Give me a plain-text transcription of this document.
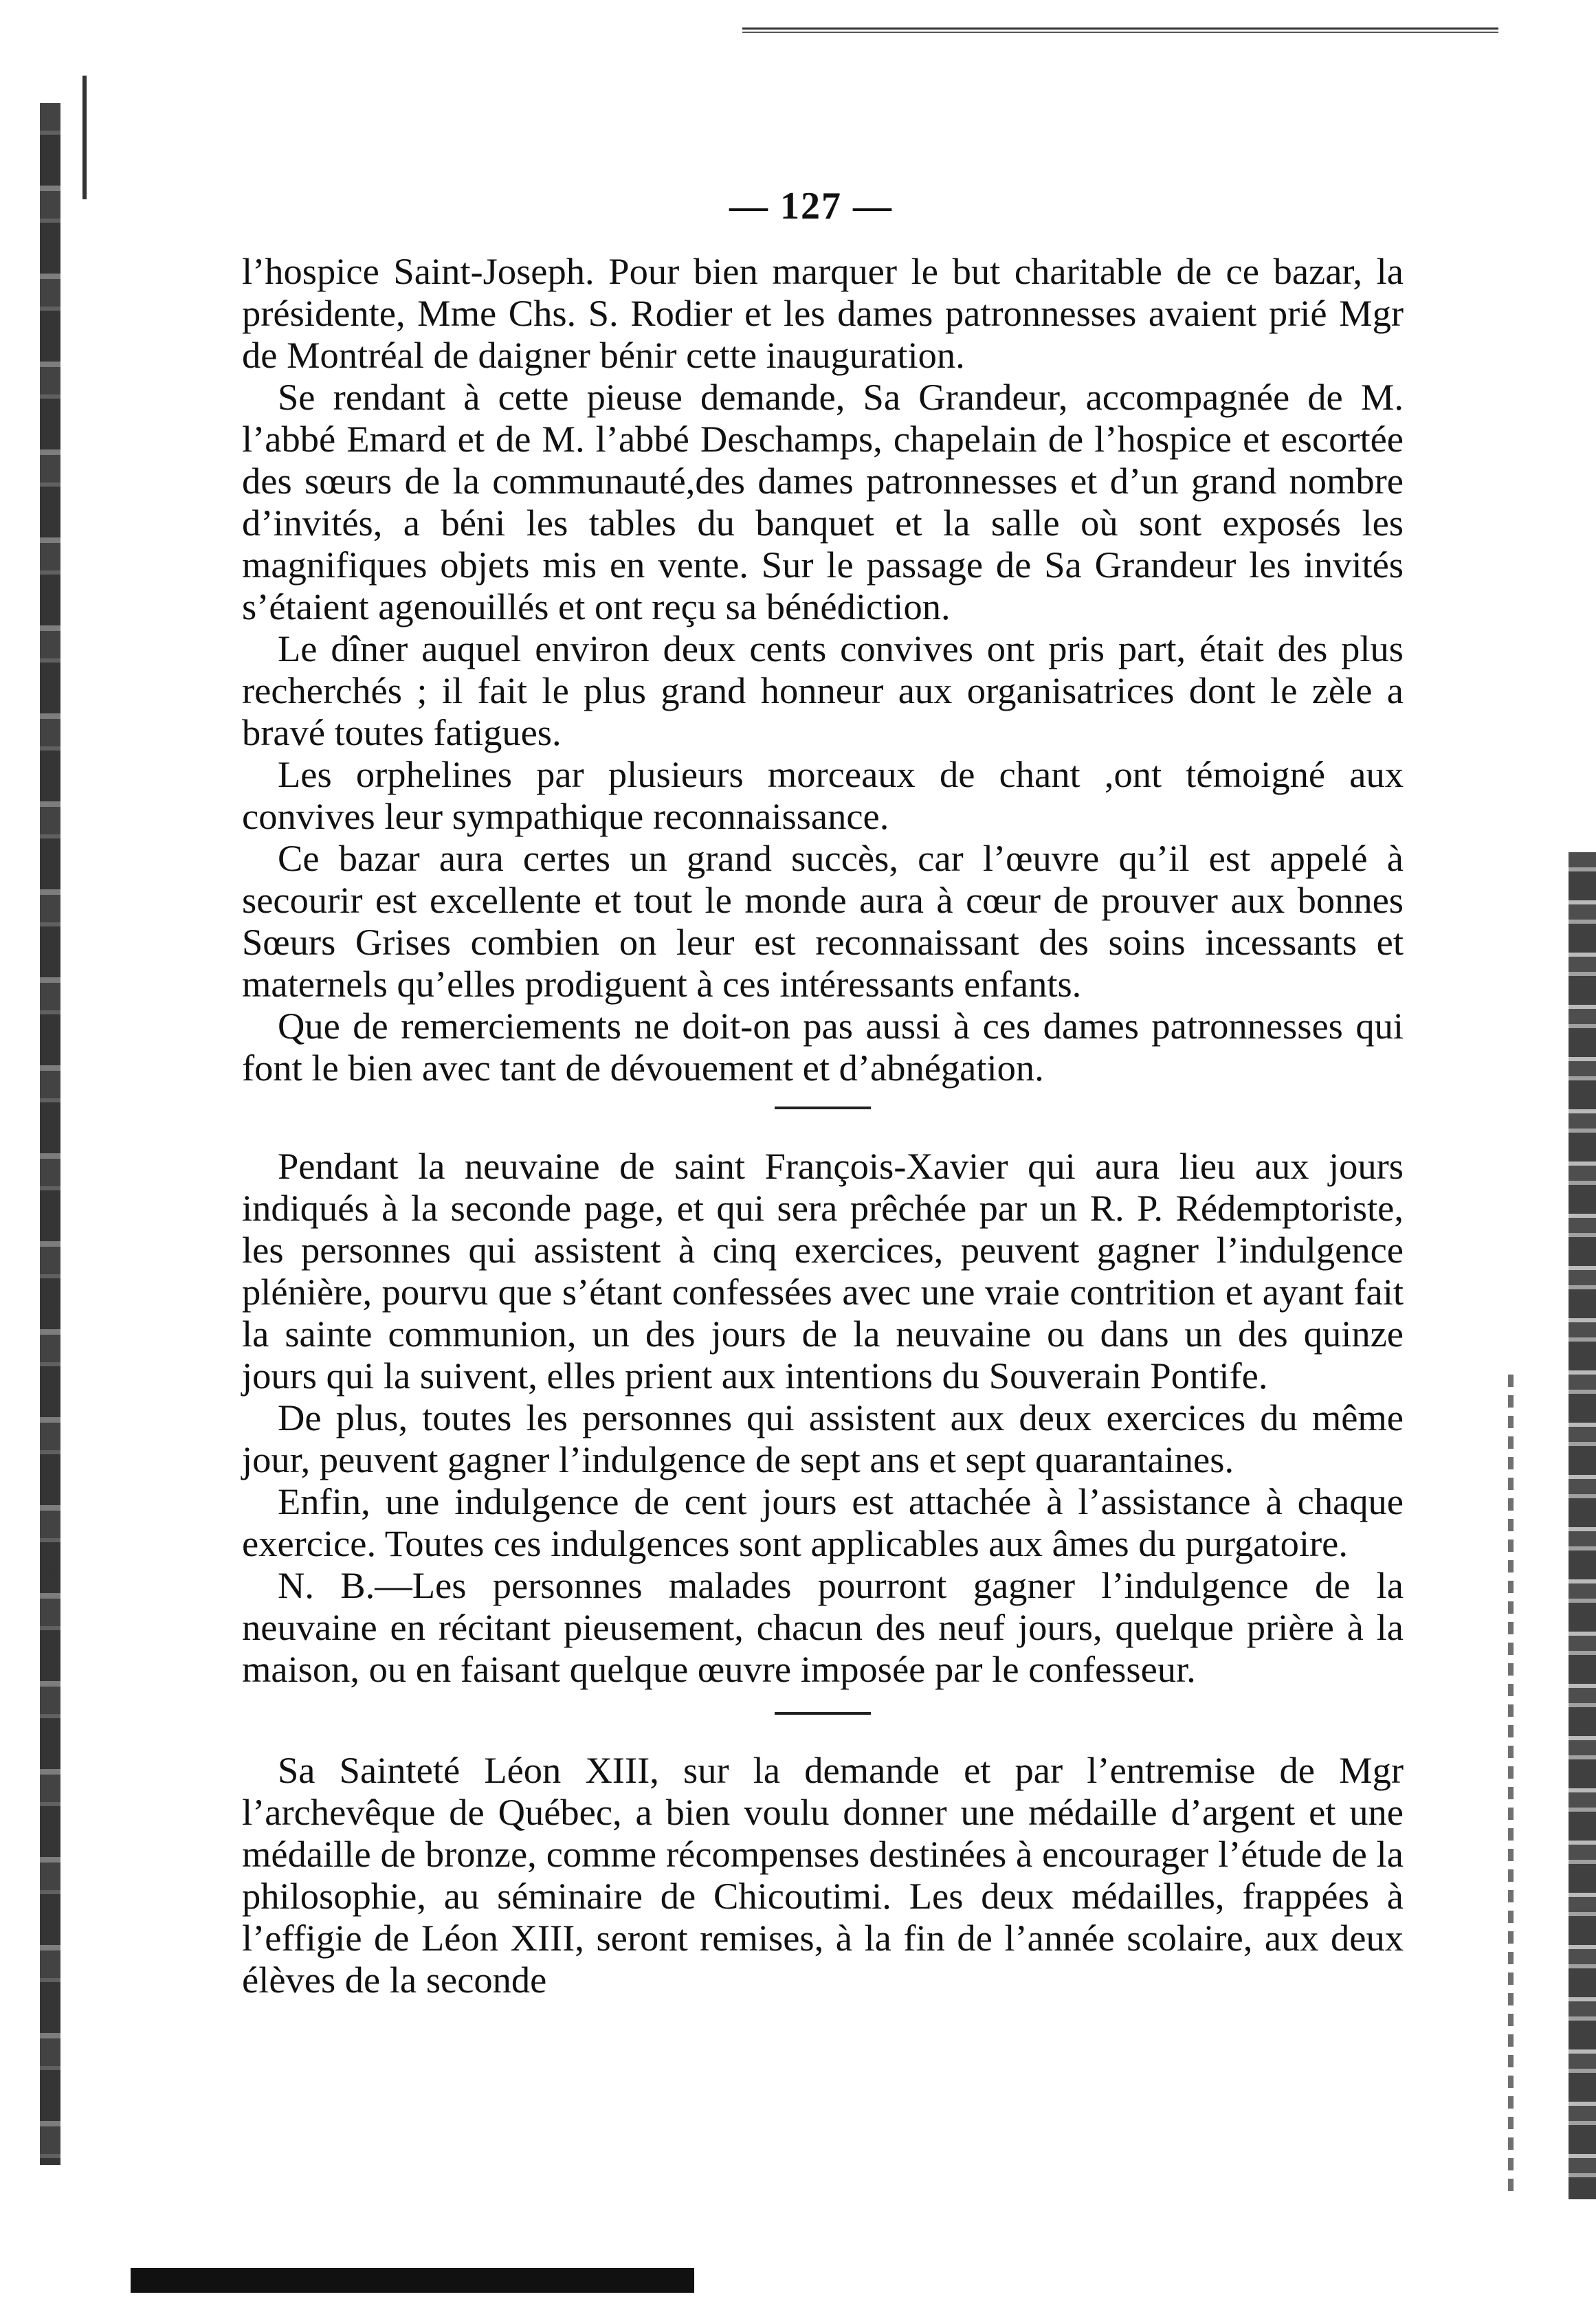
— 127 —

l’hospice Saint-Joseph. Pour bien marquer le but charitable de ce bazar, la présidente, Mme Chs. S. Rodier et les dames patronnesses avaient prié Mgr de Montréal de daigner bénir cette inauguration.

Se rendant à cette pieuse demande, Sa Grandeur, accompagnée de M. l’abbé Emard et de M. l’abbé Deschamps, chapelain de l’hospice et escortée des sœurs de la communauté,des dames patronnesses et d’un grand nombre d’invités, a béni les tables du banquet et la salle où sont exposés les magnifiques objets mis en vente. Sur le passage de Sa Grandeur les invités s’étaient agenouillés et ont reçu sa bénédiction.

Le dîner auquel environ deux cents convives ont pris part, était des plus recherchés ; il fait le plus grand honneur aux organisatrices dont le zèle a bravé toutes fatigues.

Les orphelines par plusieurs morceaux de chant ,ont témoigné aux convives leur sympathique reconnaissance.

Ce bazar aura certes un grand succès, car l’œuvre qu’il est appelé à secourir est excellente et tout le monde aura à cœur de prouver aux bonnes Sœurs Grises combien on leur est reconnaissant des soins incessants et maternels qu’elles prodiguent à ces intéressants enfants.

Que de remerciements ne doit-on pas aussi à ces dames patronnesses qui font le bien avec tant de dévouement et d’abnégation.

Pendant la neuvaine de saint François-Xavier qui aura lieu aux jours indiqués à la seconde page, et qui sera prêchée par un R. P. Rédemptoriste, les personnes qui assistent à cinq exercices, peuvent gagner l’indulgence plénière, pourvu que s’étant confessées avec une vraie contrition et ayant fait la sainte communion, un des jours de la neuvaine ou dans un des quinze jours qui la suivent, elles prient aux intentions du Souverain Pontife.

De plus, toutes les personnes qui assistent aux deux exercices du même jour, peuvent gagner l’indulgence de sept ans et sept quarantaines.

Enfin, une indulgence de cent jours est attachée à l’assistance à chaque exercice. Toutes ces indulgences sont applicables aux âmes du purgatoire.

N. B.—Les personnes malades pourront gagner l’indulgence de la neuvaine en récitant pieusement, chacun des neuf jours, quelque prière à la maison, ou en faisant quelque œuvre imposée par le confesseur.

Sa Sainteté Léon XIII, sur la demande et par l’entremise de Mgr l’archevêque de Québec, a bien voulu donner une médaille d’argent et une médaille de bronze, comme récompenses destinées à encourager l’étude de la philosophie, au séminaire de Chicoutimi. Les deux médailles, frappées à l’effigie de Léon XIII, seront remises, à la fin de l’année scolaire, aux deux élèves de la seconde
